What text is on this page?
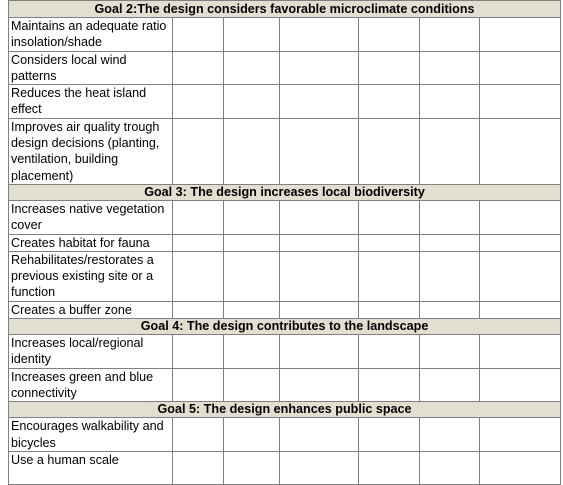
Goal 2:The design considers favorable microclimate conditions						
Maintains an adequate ratio insolation/shade						
Considers local wind patterns						
Reduces the heat island effect						
Improves air quality trough design decisions (planting, ventilation, building placement)						
Goal 3: The design increases local biodiversity						
Increases native vegetation cover						
Creates habitat for fauna						
Rehabilitates/restorates a previous existing site or a function						
Creates a buffer zone						
Goal 4: The design contributes to the landscape						
Increases local/regional identity						
Increases green and blue connectivity						
Goal 5: The design enhances public space						
Encourages walkability and bicycles						
Use a human scale						
